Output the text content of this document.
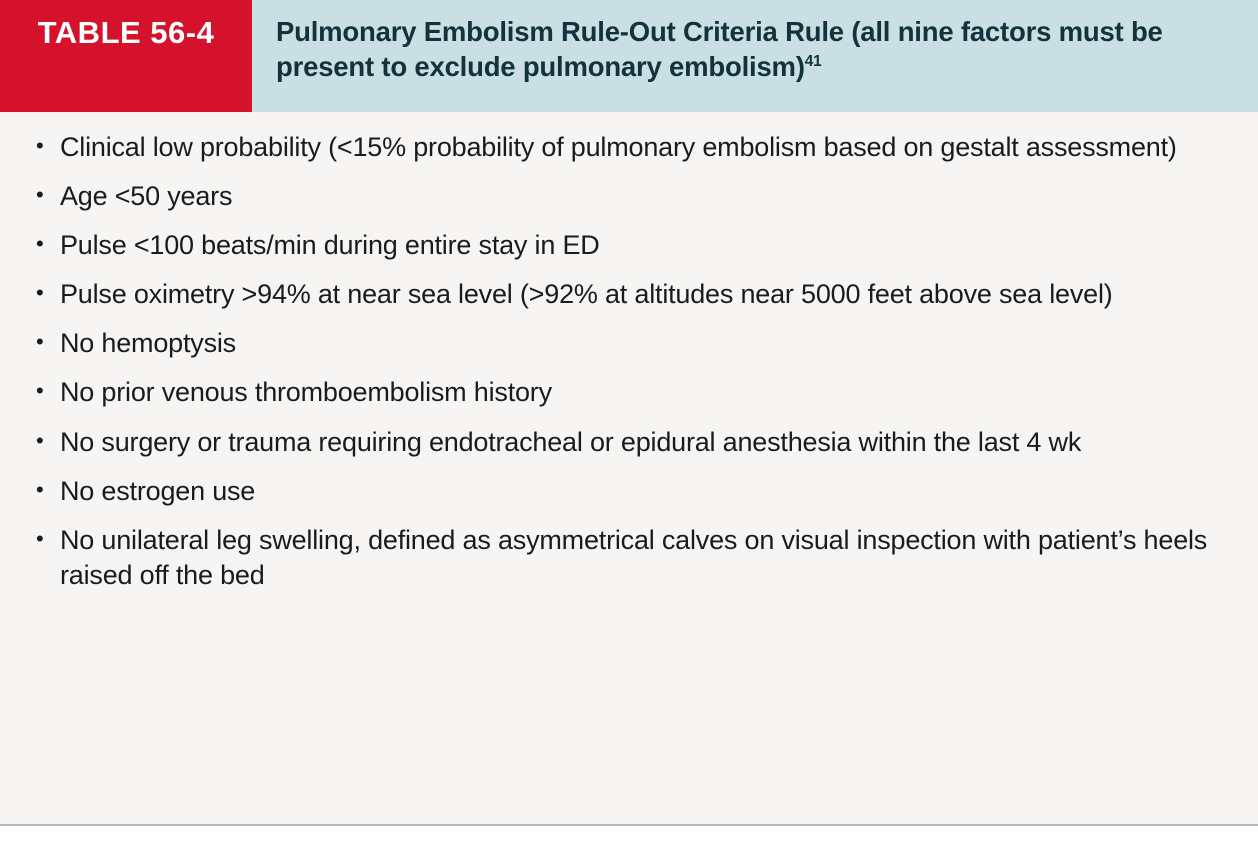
TABLE 56-4 Pulmonary Embolism Rule-Out Criteria Rule (all nine factors must be present to exclude pulmonary embolism)$^{41}$
• Clinical low probability (<15% probability of pulmonary embolism based on gestalt assessment)
• Age <50 years
• Pulse <100 beats/min during entire stay in ED
• Pulse oximetry >94% at near sea level (>92% at altitudes near 5000 feet above sea level)
• No hemoptysis
• No prior venous thromboembolism history
• No surgery or trauma requiring endotracheal or epidural anesthesia within the last 4 wk
• No estrogen use
• No unilateral leg swelling, defined as asymmetrical calves on visual inspection with patient’s heels raised off the bed
